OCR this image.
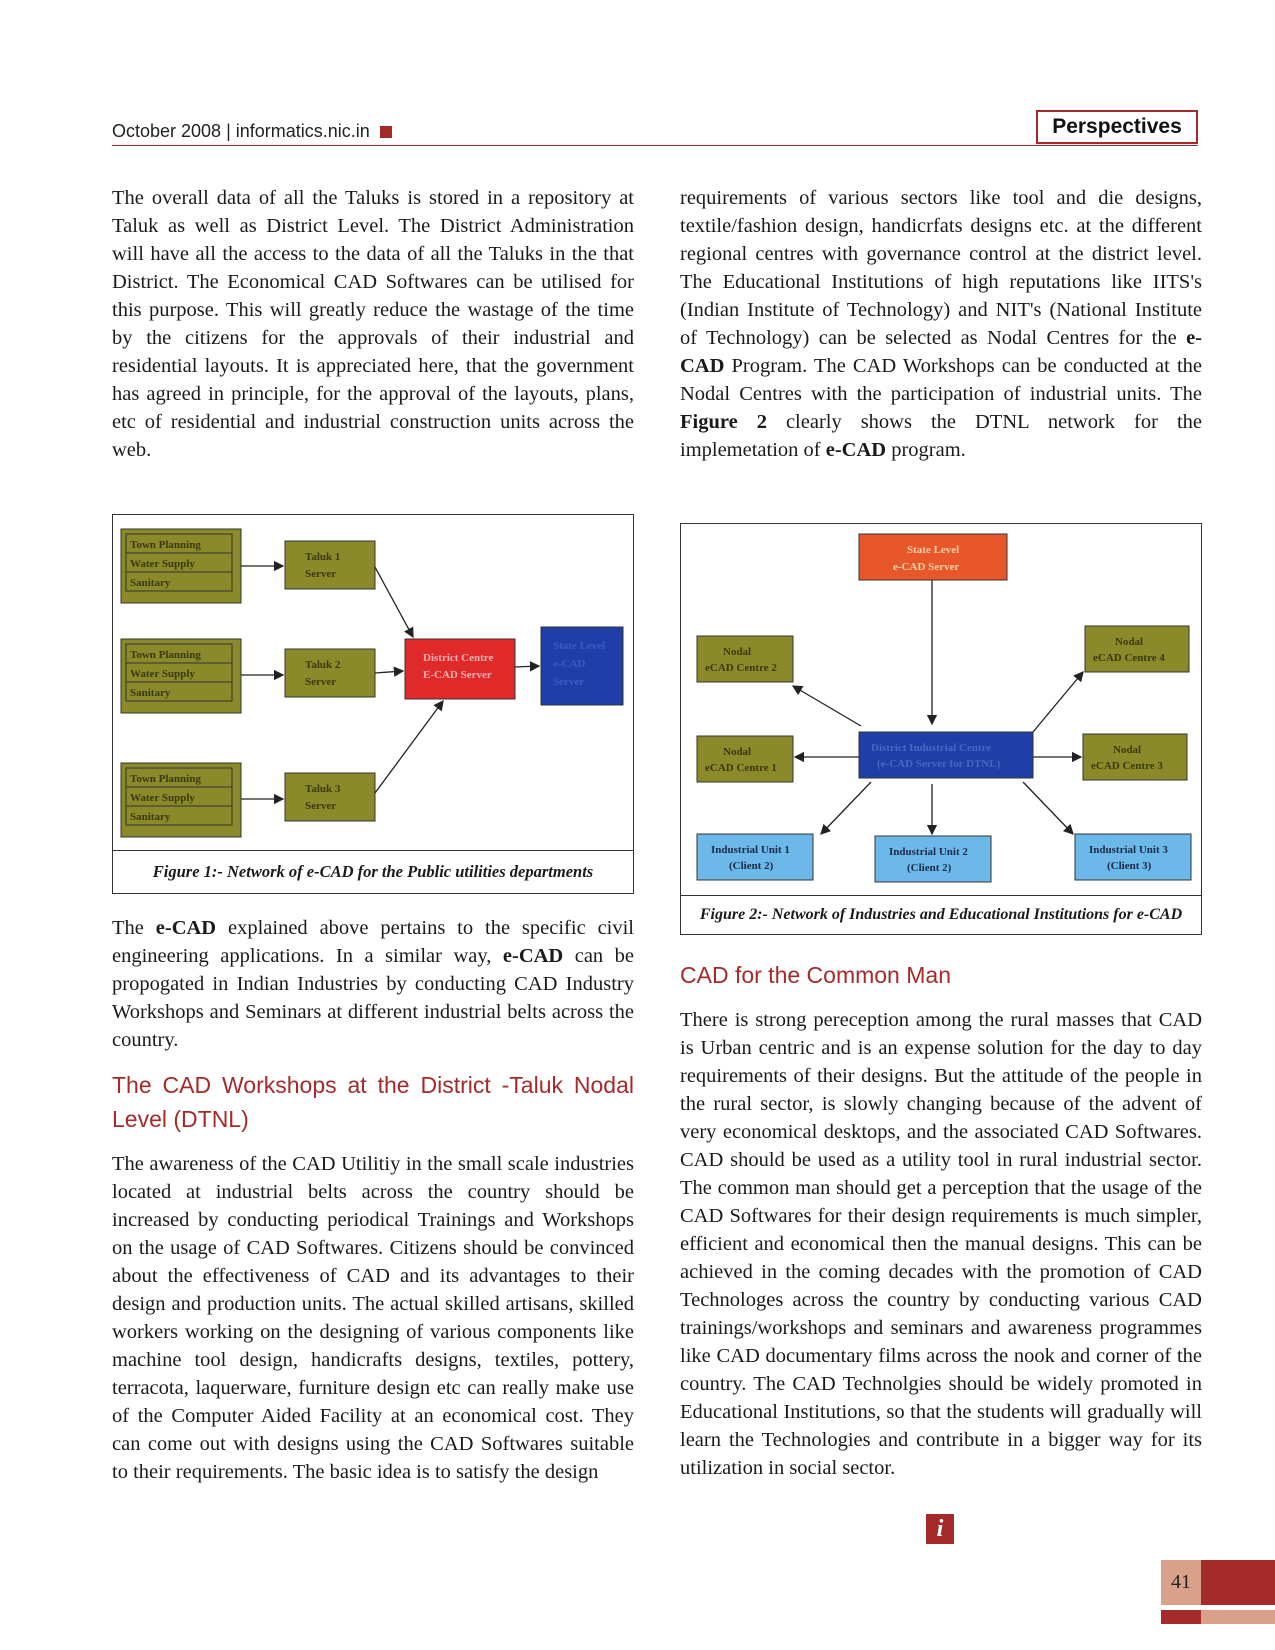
October 2008 | informatics.nic.in	Perspectives

The overall data of all the Taluks is stored in a repository at Taluk as well as District Level. The District Administration will have all the access to the data of all the Taluks in the that District. The Economical CAD Softwares can be utilised for this purpose. This will greatly reduce the wastage of the time by the citizens for the approvals of their industrial and residential layouts. It is appreciated here, that the government has agreed in principle, for the approval of the layouts, plans, etc of residential and industrial construction units across the web.

Town Planning
Water Supply
Sanitary
Town Planning
Water Supply
Sanitary
Town Planning
Water Supply
Sanitary
Taluk 1
Server
Taluk 2
Server
Taluk 3
Server
District Centre
E-CAD Server
State Level
e-CAD
Server
Figure 1:- Network of e-CAD for the Public utilities departments

The e-CAD explained above pertains to the specific civil engineering applications. In a similar way, e-CAD can be propogated in Indian Industries by conducting CAD Industry Workshops and Seminars at different industrial belts across the country.

The CAD Workshops at the District -Taluk Nodal Level (DTNL)

The awareness of the CAD Utilitiy in the small scale industries located at industrial belts across the country should be increased by conducting periodical Trainings and Workshops on the usage of CAD Softwares. Citizens should be convinced about the effectiveness of CAD and its advantages to their design and production units. The actual skilled artisans, skilled workers working on the designing of various components like machine tool design, handicrafts designs, textiles, pottery, terracota, laquerware, furniture design etc can really make use of the Computer Aided Facility at an economical cost. They can come out with designs using the CAD Softwares suitable to their requirements. The basic idea is to satisfy the design

requirements of various sectors like tool and die designs, textile/fashion design, handicrfats designs etc. at the different regional centres with governance control at the district level. The Educational Institutions of high reputations like IITS's (Indian Institute of Technology) and NIT's (National Institute of Technology) can be selected as Nodal Centres for the e-CAD Program. The CAD Workshops can be conducted at the Nodal Centres with the participation of industrial units. The Figure 2 clearly shows the DTNL network for the implemetation of e-CAD program.

State Level
e-CAD Server
Nodal
eCAD Centre 2
Nodal
eCAD Centre 1
Nodal
eCAD Centre 4
Nodal
eCAD Centre 3
District Industrial Centre
(e-CAD Server for DTNL)
Industrial Unit 1
(Client 2)
Industrial Unit 2
(Client 2)
Industrial Unit 3
(Client 3)
Figure 2:- Network of Industries and Educational Institutions for e-CAD
CAD for the Common Man

There is strong pereception among the rural masses that CAD is Urban centric and is an expense solution for the day to day requirements of their designs. But the attitude of the people in the rural sector, is slowly changing because of the advent of very economical desktops, and the associated CAD Softwares. CAD should be used as a utility tool in rural industrial sector. The common man should get a perception that the usage of the CAD Softwares for their design requirements is much simpler, efficient and economical then the manual designs. This can be achieved in the coming decades with the promotion of CAD Technologes across the country by conducting various CAD trainings/workshops and seminars and awareness programmes like CAD documentary films across the nook and corner of the country. The CAD Technolgies should be widely promoted in Educational Institutions, so that the students will gradually will learn the Technologies and contribute in a bigger way for its utilization in social sector.

i
41
